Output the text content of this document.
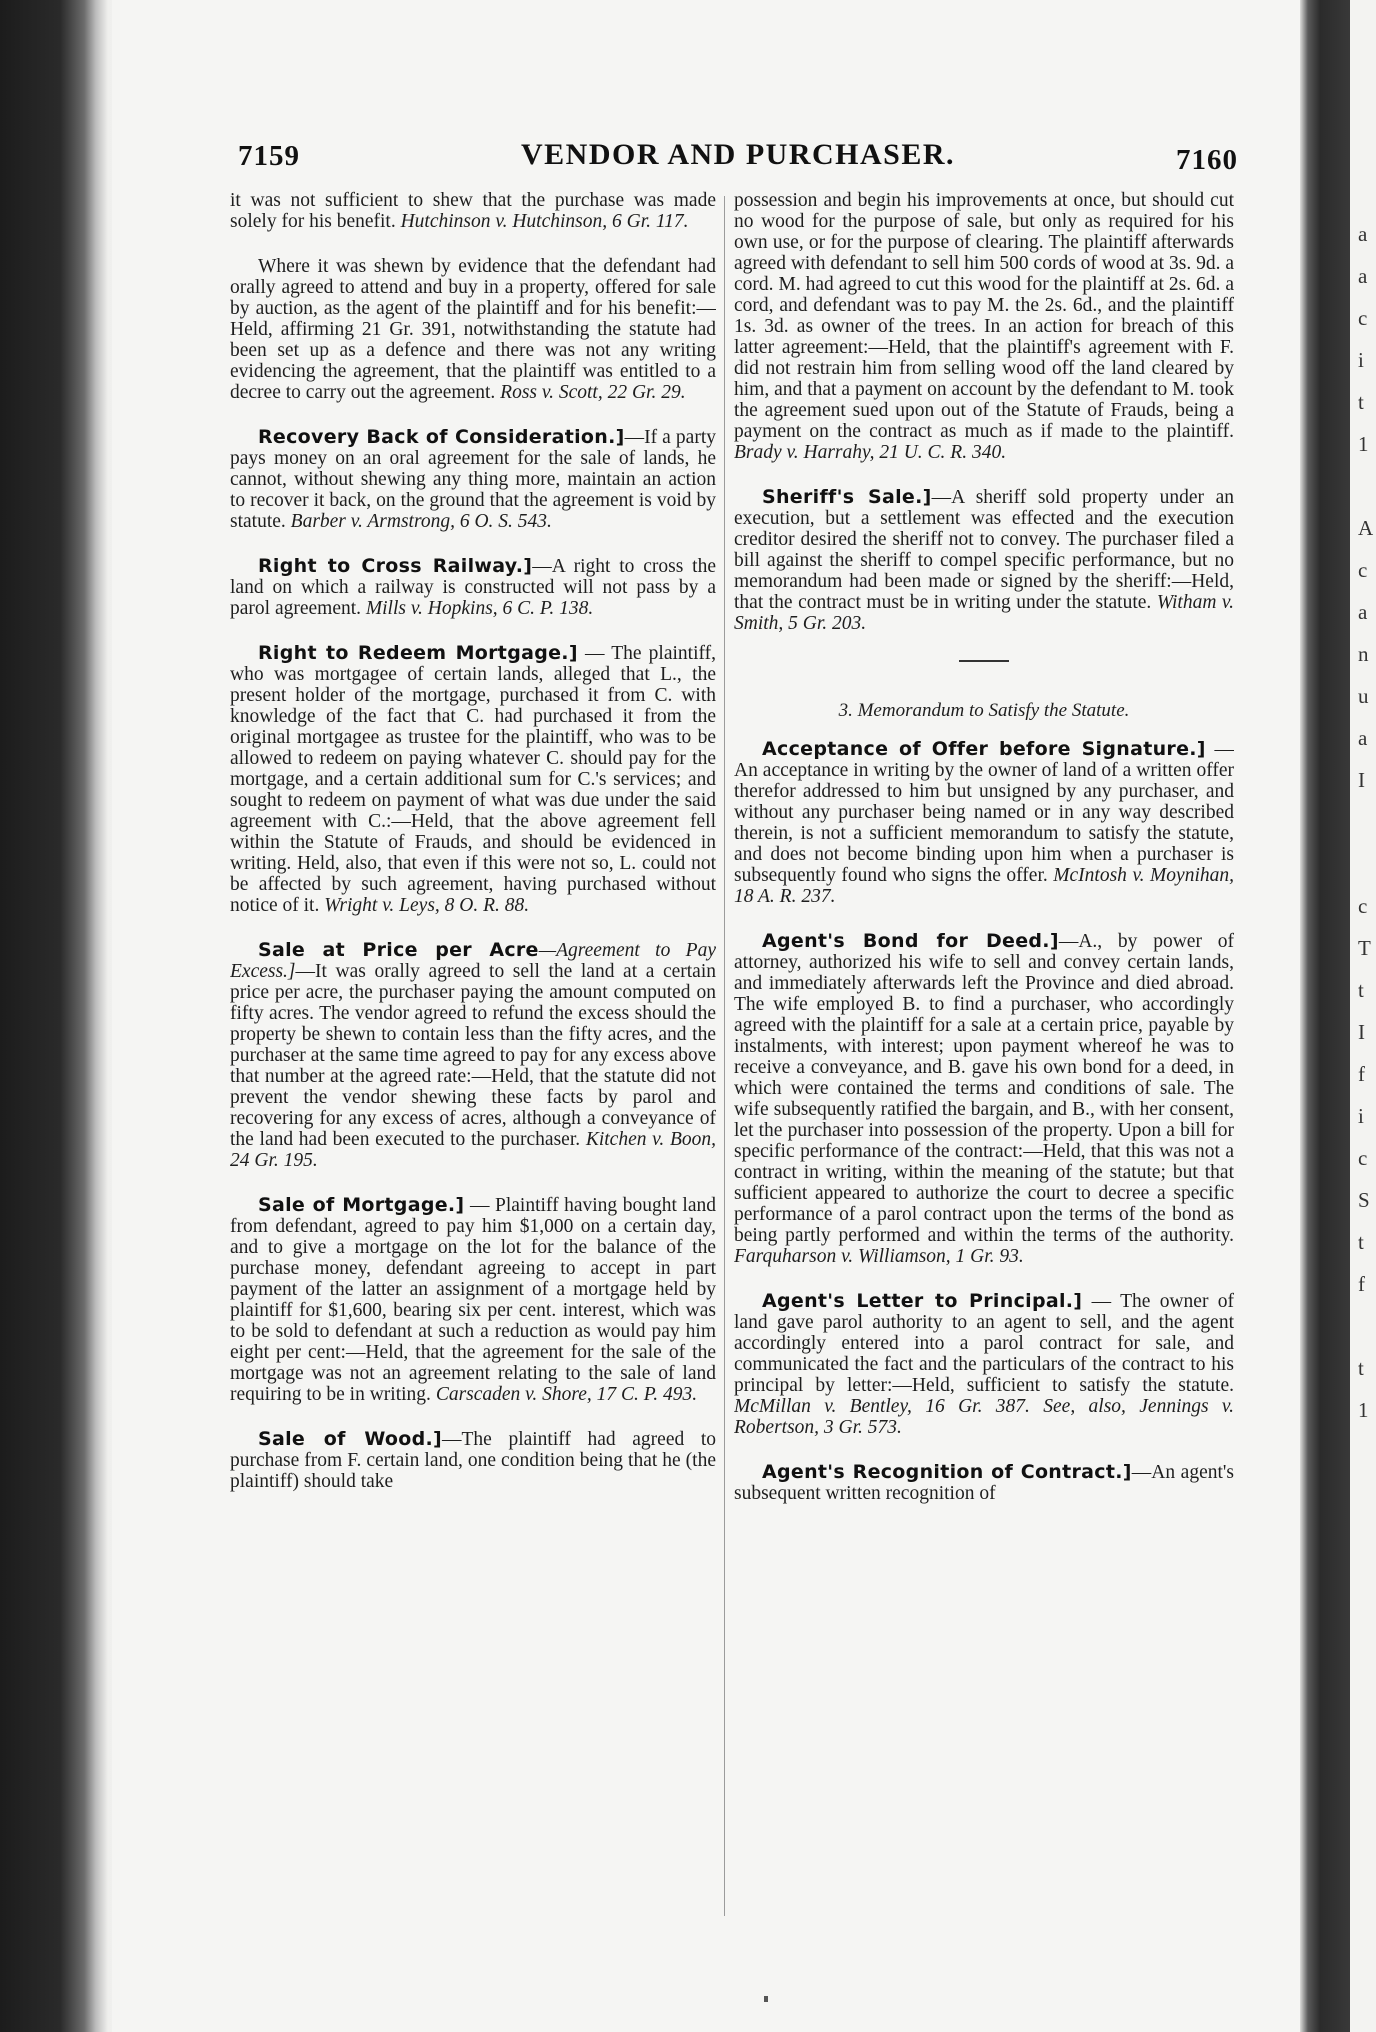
a
a
c
i
t
1
A
c
a
n
u
a
I
c
T
t
I
f
i
c
S
t
f
t
1
7159	VENDOR AND PURCHASER.	7160

it was not sufficient to shew that the purchase was made solely for his benefit. Hutchinson v. Hutchinson, 6 Gr. 117.

Where it was shewn by evidence that the defendant had orally agreed to attend and buy in a property, offered for sale by auction, as the agent of the plaintiff and for his benefit:—Held, affirming 21 Gr. 391, notwithstanding the statute had been set up as a defence and there was not any writing evidencing the agreement, that the plaintiff was entitled to a decree to carry out the agreement. Ross v. Scott, 22 Gr. 29.

Recovery Back of Consideration.]—If a party pays money on an oral agreement for the sale of lands, he cannot, without shewing any thing more, maintain an action to recover it back, on the ground that the agreement is void by statute. Barber v. Armstrong, 6 O. S. 543.

Right to Cross Railway.]—A right to cross the land on which a railway is constructed will not pass by a parol agreement. Mills v. Hopkins, 6 C. P. 138.

Right to Redeem Mortgage.] — The plaintiff, who was mortgagee of certain lands, alleged that L., the present holder of the mortgage, purchased it from C. with knowledge of the fact that C. had purchased it from the original mortgagee as trustee for the plaintiff, who was to be allowed to redeem on paying whatever C. should pay for the mortgage, and a certain additional sum for C.'s services; and sought to redeem on payment of what was due under the said agreement with C.:—Held, that the above agreement fell within the Statute of Frauds, and should be evidenced in writing. Held, also, that even if this were not so, L. could not be affected by such agreement, having purchased without notice of it. Wright v. Leys, 8 O. R. 88.

Sale at Price per Acre—Agreement to Pay Excess.]—It was orally agreed to sell the land at a certain price per acre, the purchaser paying the amount computed on fifty acres. The vendor agreed to refund the excess should the property be shewn to contain less than the fifty acres, and the purchaser at the same time agreed to pay for any excess above that number at the agreed rate:—Held, that the statute did not prevent the vendor shewing these facts by parol and recovering for any excess of acres, although a conveyance of the land had been executed to the purchaser. Kitchen v. Boon, 24 Gr. 195.

Sale of Mortgage.] — Plaintiff having bought land from defendant, agreed to pay him $1,000 on a certain day, and to give a mortgage on the lot for the balance of the purchase money, defendant agreeing to accept in part payment of the latter an assignment of a mortgage held by plaintiff for $1,600, bearing six per cent. interest, which was to be sold to defendant at such a reduction as would pay him eight per cent:—Held, that the agreement for the sale of the mortgage was not an agreement relating to the sale of land requiring to be in writing. Carscaden v. Shore, 17 C. P. 493.

Sale of Wood.]—The plaintiff had agreed to purchase from F. certain land, one condition being that he (the plaintiff) should take

possession and begin his improvements at once, but should cut no wood for the purpose of sale, but only as required for his own use, or for the purpose of clearing. The plaintiff afterwards agreed with defendant to sell him 500 cords of wood at 3s. 9d. a cord. M. had agreed to cut this wood for the plaintiff at 2s. 6d. a cord, and defendant was to pay M. the 2s. 6d., and the plaintiff 1s. 3d. as owner of the trees. In an action for breach of this latter agreement:—Held, that the plaintiff's agreement with F. did not restrain him from selling wood off the land cleared by him, and that a payment on account by the defendant to M. took the agreement sued upon out of the Statute of Frauds, being a payment on the contract as much as if made to the plaintiff. Brady v. Harrahy, 21 U. C. R. 340.

Sheriff's Sale.]—A sheriff sold property under an execution, but a settlement was effected and the execution creditor desired the sheriff not to convey. The purchaser filed a bill against the sheriff to compel specific performance, but no memorandum had been made or signed by the sheriff:—Held, that the contract must be in writing under the statute. Witham v. Smith, 5 Gr. 203.

3. Memorandum to Satisfy the Statute.

Acceptance of Offer before Signature.] — An acceptance in writing by the owner of land of a written offer therefor addressed to him but unsigned by any purchaser, and without any purchaser being named or in any way described therein, is not a sufficient memorandum to satisfy the statute, and does not become binding upon him when a purchaser is subsequently found who signs the offer. McIntosh v. Moynihan, 18 A. R. 237.

Agent's Bond for Deed.]—A., by power of attorney, authorized his wife to sell and convey certain lands, and immediately afterwards left the Province and died abroad. The wife employed B. to find a purchaser, who accordingly agreed with the plaintiff for a sale at a certain price, payable by instalments, with interest; upon payment whereof he was to receive a conveyance, and B. gave his own bond for a deed, in which were contained the terms and conditions of sale. The wife subsequently ratified the bargain, and B., with her consent, let the purchaser into possession of the property. Upon a bill for specific performance of the contract:—Held, that this was not a contract in writing, within the meaning of the statute; but that sufficient appeared to authorize the court to decree a specific performance of a parol contract upon the terms of the bond as being partly performed and within the terms of the authority. Farquharson v. Williamson, 1 Gr. 93.

Agent's Letter to Principal.] — The owner of land gave parol authority to an agent to sell, and the agent accordingly entered into a parol contract for sale, and communicated the fact and the particulars of the contract to his principal by letter:—Held, sufficient to satisfy the statute. McMillan v. Bentley, 16 Gr. 387. See, also, Jennings v. Robertson, 3 Gr. 573.

Agent's Recognition of Contract.]—An agent's subsequent written recognition of
